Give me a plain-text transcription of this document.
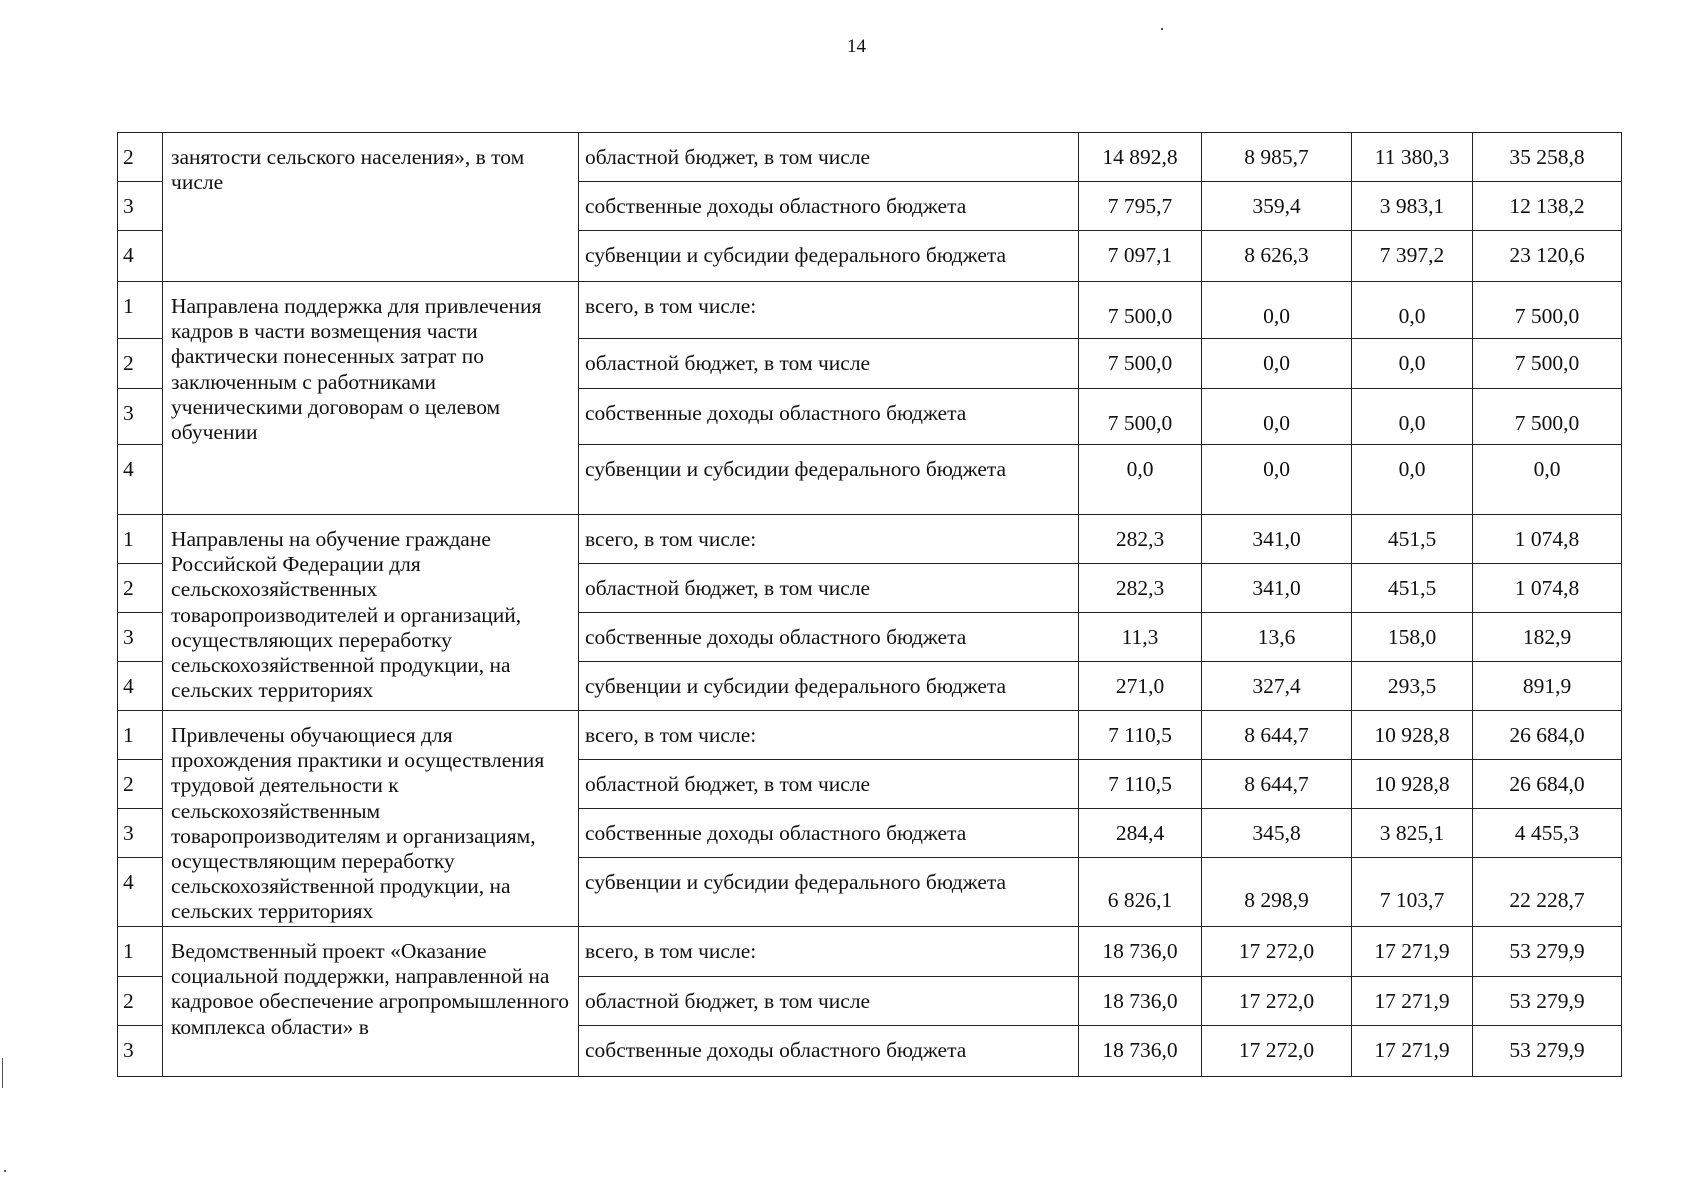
14
2	занятости сельского населения», в том числе	областной бюджет, в том числе	14 892,8	8 985,7	11 380,3	35 258,8
3		собственные доходы областного бюджета	7 795,7	359,4	3 983,1	12 138,2
4		субвенции и субсидии федерального бюджета	7 097,1	8 626,3	7 397,2	23 120,6
1	Направлена поддержка для привлечения кадров в части возмещения части фактически понесенных затрат по заключенным с работниками ученическими договорам о целевом обучении	всего, в том числе:	7 500,0	0,0	0,0	7 500,0
2		областной бюджет, в том числе	7 500,0	0,0	0,0	7 500,0
3		собственные доходы областного бюджета	7 500,0	0,0	0,0	7 500,0
4		субвенции и субсидии федерального бюджета	0,0	0,0	0,0	0,0
1	Направлены на обучение граждане Российской Федерации для сельскохозяйственных товаропроизводителей и организаций, осуществляющих переработку сельскохозяйственной продукции, на сельских территориях	всего, в том числе:	282,3	341,0	451,5	1 074,8
2		областной бюджет, в том числе	282,3	341,0	451,5	1 074,8
3		собственные доходы областного бюджета	11,3	13,6	158,0	182,9
4		субвенции и субсидии федерального бюджета	271,0	327,4	293,5	891,9
1	Привлечены обучающиеся для прохождения практики и осуществления трудовой деятельности к сельскохозяйственным товаропроизводителям и организациям, осуществляющим переработку сельскохозяйственной продукции, на сельских территориях	всего, в том числе:	7 110,5	8 644,7	10 928,8	26 684,0
2		областной бюджет, в том числе	7 110,5	8 644,7	10 928,8	26 684,0
3		собственные доходы областного бюджета	284,4	345,8	3 825,1	4 455,3
4		субвенции и субсидии федерального бюджета	6 826,1	8 298,9	7 103,7	22 228,7
1	Ведомственный проект «Оказание социальной поддержки, направленной на кадровое обеспечение агропромышленного комплекса области» в	всего, в том числе:	18 736,0	17 272,0	17 271,9	53 279,9
2		областной бюджет, в том числе	18 736,0	17 272,0	17 271,9	53 279,9
3		собственные доходы областного бюджета	18 736,0	17 272,0	17 271,9	53 279,9
